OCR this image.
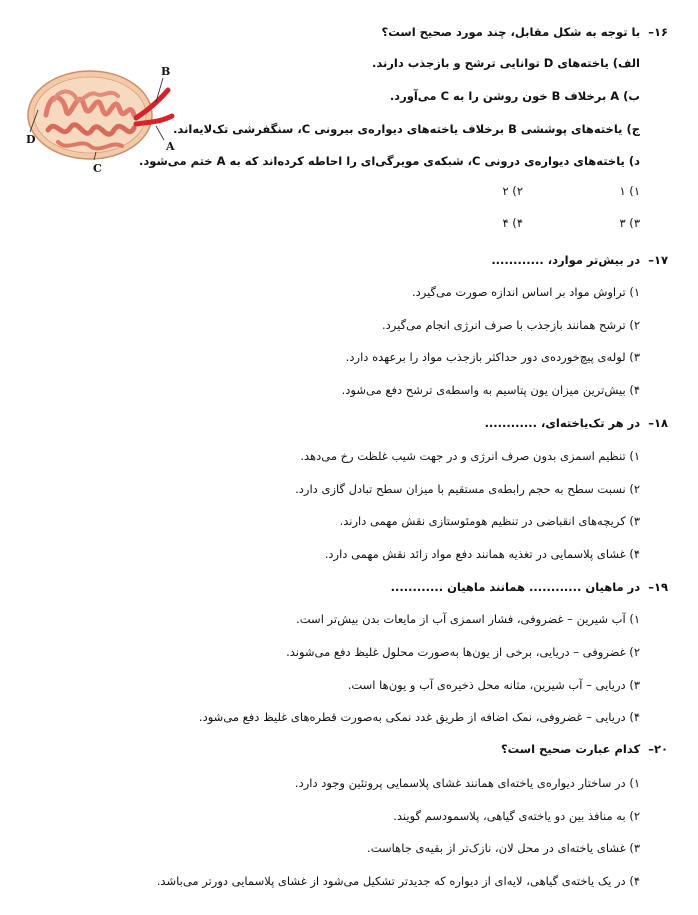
۱۶– با توجه به شکل مقابل، چند مورد صحیح است؟
الف) یاخته‌های D توانایی ترشح و بازجذب دارند.
ب) A برخلاف B خون روشن را به C می‌آورد.
ج) یاخته‌های پوششی B برخلاف یاخته‌های دیواره‌ی بیرونی C، سنگفرشی تک‌لایه‌اند.
د) یاخته‌های دیواره‌ی درونی C، شبکه‌ی مویرگی‌ای را احاطه کرده‌اند که به A ختم می‌شود.
۱) ۱
۲) ۲
۳) ۳
۴) ۴
B
A
C
D
۱۷– در بیش‌تر موارد، ............
۱) تراوش مواد بر اساس اندازه صورت می‌گیرد.
۲) ترشح همانند بازجذب با صرف انرژی انجام می‌گیرد.
۳) لوله‌ی پیچ‌خورده‌ی دور حداکثر بازجذب مواد را برعهده دارد.
۴) بیش‌ترین میزان یون پتاسیم به واسطه‌ی ترشح دفع می‌شود.
۱۸– در هر تک‌یاخته‌ای، ............
۱) تنظیم اسمزی بدون صرف انرژی و در جهت شیب غلظت رخ می‌دهد.
۲) نسبت سطح به حجم رابطه‌ی مستقیم با میزان سطح تبادل گازی دارد.
۳) کریچه‌های انقباضی در تنظیم هومئوستازی نقش مهمی دارند.
۴) غشای پلاسمایی در تغذیه همانند دفع مواد زائد نقش مهمی دارد.
۱۹– در ماهیان ............ همانند ماهیان ............
۱) آب شیرین – غضروفی، فشار اسمزی آب از مایعات بدن بیش‌تر است.
۲) غضروفی – دریایی، برخی از یون‌ها به‌صورت محلول غلیظ دفع می‌شوند.
۳) دریایی – آب شیرین، مثانه محل ذخیره‌ی آب و یون‌ها است.
۴) دریایی – غضروفی، نمک اضافه از طریق غدد نمکی به‌صورت قطره‌های غلیظ دفع می‌شود.
۲۰– کدام عبارت صحیح است؟
۱) در ساختار دیواره‌ی یاخته‌ای همانند غشای پلاسمایی پروتئین وجود دارد.
۲) به منافذ بین دو یاخته‌ی گیاهی، پلاسمودسم گویند.
۳) غشای یاخته‌ای در محل لان، نازک‌تر از بقیه‌ی جاهاست.
۴) در یک یاخته‌ی گیاهی، لایه‌ای از دیواره که جدیدتر تشکیل می‌شود از غشای پلاسمایی دورتر می‌باشد.
